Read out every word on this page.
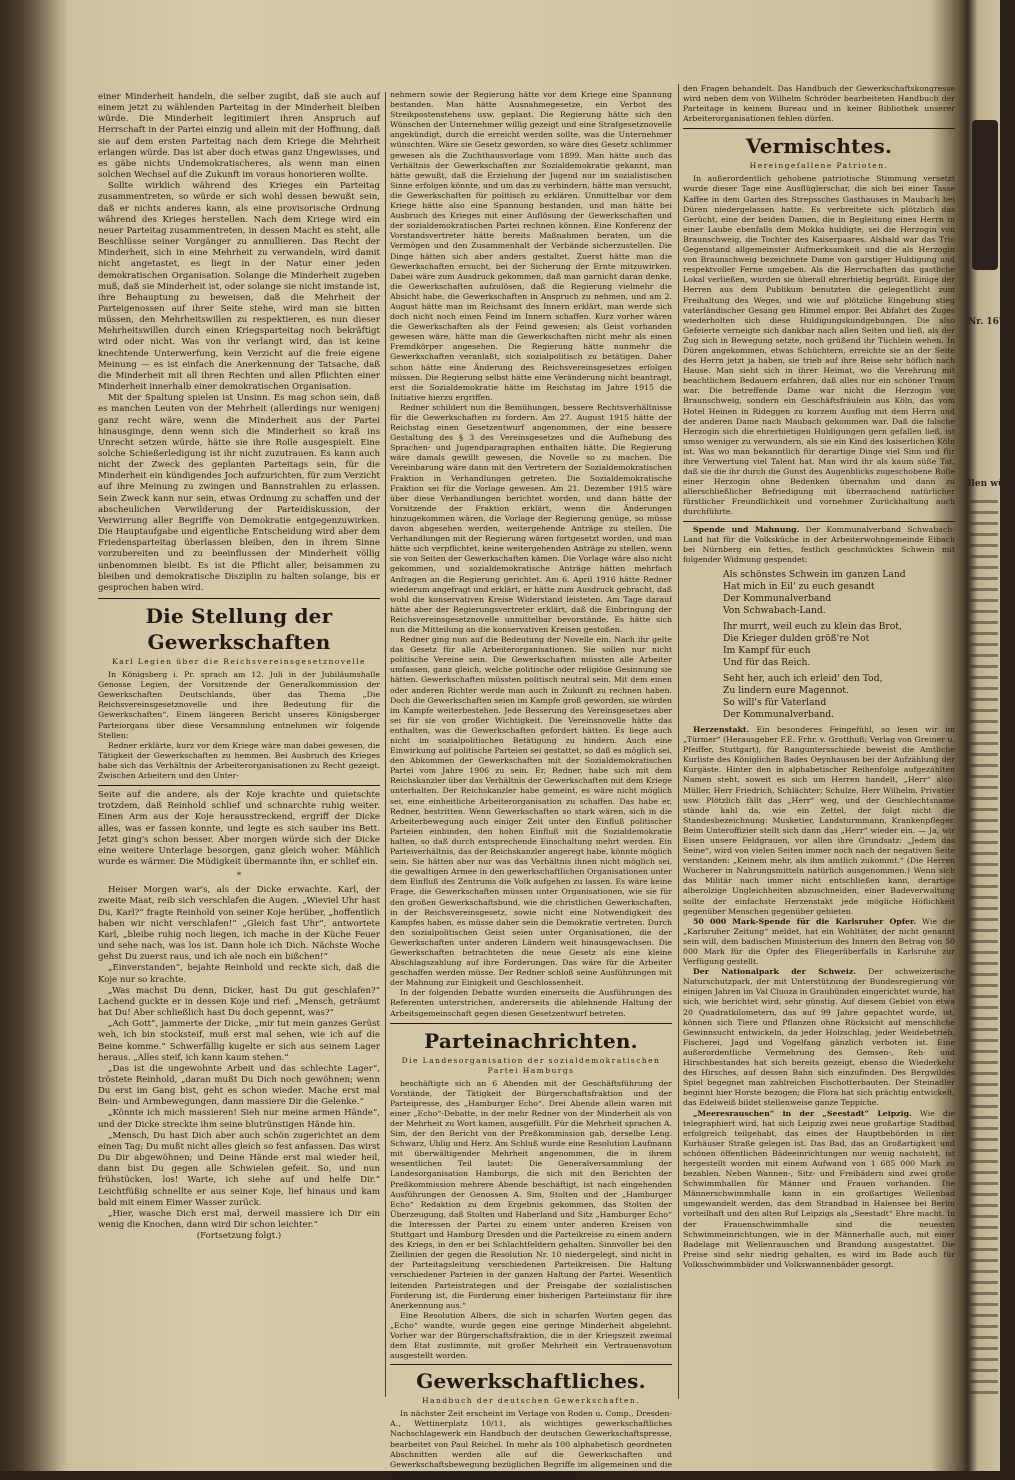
einer Minderheit handeln, die selber zugibt, daß sie auch auf einem jetzt zu wählenden Parteitag in der Minderheit bleiben würde. Die Minderheit legitimiert ihren Anspruch auf Herrschaft in der Partei einzig und allein mit der Hoffnung, daß sie auf dem ersten Parteitag nach dem Kriege die Mehrheit erlangen würde. Das ist aber doch etwas ganz Ungewisses, und es gäbe nichts Undemokratischeres, als wenn man einen solchen Wechsel auf die Zukunft im voraus honorieren wollte.

Sollte wirklich während des Krieges ein Parteitag zusammentreten, so würde er sich wohl dessen bewußt sein, daß er nichts anderes kann, als eine provisorische Ordnung während des Krieges herstellen. Nach dem Kriege wird ein neuer Parteitag zusammentreten, in dessen Macht es steht, alle Beschlüsse seiner Vorgänger zu annullieren. Das Recht der Minderheit, sich in eine Mehrheit zu verwandeln, wird damit nicht angetastet, es liegt in der Natur einer jeden demokratischen Organisation. Solange die Minderheit zugeben muß, daß sie Minderheit ist, oder solange sie nicht imstande ist, ihre Behauptung zu beweisen, daß die Mehrheit der Parteigenossen auf ihrer Seite stehe, wird man sie bitten müssen, den Mehrheitswillen zu respektieren, es nun dieser Mehrheitswillen durch einen Kriegsparteitag noch bekräftigt wird oder nicht. Was von ihr verlangt wird, das ist keine knechtende Unterwerfung, kein Verzicht auf die freie eigene Meinung — es ist einfach die Anerkennung der Tatsache, daß die Minderheit mit all ihren Rechten und allen Pflichten einer Minderheit innerhalb einer demokratischen Organisation.

Mit der Spaltung spielen ist Unsinn. Es mag schon sein, daß es manchen Leuten von der Mehrheit (allerdings nur wenigen) ganz recht wäre, wenn die Minderheit aus der Partei hinausginge, denn wenn sich die Minderheit so kraß ins Unrecht setzen würde, hätte sie ihre Rolle ausgespielt. Eine solche Schießerledigung ist ihr nicht zuzutrauen. Es kann auch nicht der Zweck des geplanten Parteitags sein, für die Minderheit ein kündigendes Joch aufzurichten, für zum Verzicht auf ihre Meinung zu zwingen und Bannstrahlen zu erlassen. Sein Zweck kann nur sein, etwas Ordnung zu schaffen und der abscheulichen Verwilderung der Parteidiskussion, der Verwirrung aller Begriffe von Demokratie entgegenzuwirken. Die Hauptaufgabe und eigentliche Entscheidung wird aber dem Friedensparteitag überlassen bleiben, den in ihrem Sinne vorzubereiten und zu beeinflussen der Minderheit völlig unbenommen bleibt. Es ist die Pflicht aller, beisammen zu bleiben und demokratische Disziplin zu halten solange, bis er gesprochen haben wird.

Die Stellung der Gewerkschaften
Karl Legien über die Reichsvereinsgesetznovelle

In Königsberg i. Pr. sprach am 12. Juli in der Jubiläumshalle Genosse Legien, der Vorsitzende der Generalkommission der Gewerkschaften Deutschlands, über das Thema „Die Reichsvereinsgesetznovelle und ihre Bedeutung für die Gewerkschaften“. Einem längeren Bericht unseres Königsberger Parteiorgans über diese Versammlung entnehmen wir folgende Stellen:

Redner erklärte, kurz vor dem Kriege wäre man dabei gewesen, die Tätigkeit der Gewerkschaften zu hemmen. Bei Ausbruch des Krieges habe sich das Verhältnis der Arbeiterorganisationen zu Recht gezeigt. Zwischen Arbeitern und den Unter-

Seite auf die andere, als der Koje krachte und quietschte trotzdem, daß Reinhold schlief und schnarchte ruhig weiter. Einen Arm aus der Koje herausstreckend, ergriff der Dicke alles, was er fassen konnte, und legte es sich sauber ins Bett. Jetzt ging's schon besser. Aber morgen würde sich der Dicke eine weitere Unterlage besorgen, ganz gleich woher. Mählich wurde es wärmer. Die Müdigkeit übermannte ihn, er schlief ein.

*

Heiser Morgen war's, als der Dicke erwachte. Karl, der zweite Maat, reib sich verschlafen die Augen. „Wieviel Uhr hast Du, Karl?“ fragte Reinhold von seiner Koje herüber, „hoffentlich haben wir nicht verschlafen!“ „Gleich fast Uhr“, antwortete Karl, „bleibe ruhig noch liegen, ich mache in der Küche Feuer und sehe nach, was los ist. Dann hole ich Dich. Nächste Woche gehst Du zuerst raus, und ich ale noch ein bißchen!“

„Einverstanden“, bejahte Reinhold und reckte sich, daß die Koje nur so krachte.

„Was machst Du denn, Dicker, hast Du gut geschlafen?“ Lachend guckte er in dessen Koje und rief: „Mensch, geträumt hat Du! Aber schließlich hast Du doch gepennt, was?“

„Ach Gott“, jammerte der Dicke, „mir tut mein ganzes Gerüst weh, ich bin stocksteif, muß erst mal sehen, wie ich auf die Beine komme.“ Schwerfällig kugelte er sich aus seinem Lager heraus. „Alles steif, ich kann kaum stehen.“

„Das ist die ungewohnte Arbeit und das schlechte Lager“, tröstete Reinhold, „daran mußt Du Dich noch gewöhnen; wenn Du erst im Gang bist, geht es schon wieder. Mache erst mal Bein- und Armbewegungen, dann massiere Dir die Gelenke.“

„Könnte ich mich massieren! Sieh nur meine armen Hände“, und der Dicke streckte ihm seine blutrünstigen Hände hin.

„Mensch, Du hast Dich aber auch schön zugerichtet an dem einen Tag; Du mußt nicht alles gleich so fest anfassen. Das wirst Du Dir abgewöhnen; und Deine Hände erst mal wieder heil, dann bist Du gegen alle Schwielen gefeit. So, und nun frühstücken, los! Warte, ich siehe auf und helfe Dir.“ Leichtfüßig schnellte er aus seiner Koje, lief hinaus und kam bald mit einem Eimer Wasser zurück.

„Hier, wasche Dich erst mal, derweil massiere ich Dir ein wenig die Knochen, dann wird Dir schon leichter.“

(Fortsetzung folgt.)

nehmern sowie der Regierung hätte vor dem Kriege eine Spannung bestanden. Man hätte Ausnahmegesetze, ein Verbot des Streikpostenstehens usw. geplant. Die Regierung hätte sich den Wünschen der Unternehmer willig gezeigt und eine Strafgesetznovelle angekündigt, durch die erreicht werden sollte, was die Unternehmer wünschten. Wäre sie Gesetz geworden, so wäre dies Gesetz schlimmer gewesen als die Zuchthausvorlage vom 1899. Man hätte auch das Verhältnis der Gewerkschaften zur Sozialdemokratie gekannt, man hätte gewußt, daß die Erziehung der Jugend nur im sozialistischen Sinne erfolgen könnte, und um das zu verhindern, hätte man versucht, die Gewerkschaften für politisch zu erklären. Unmittelbar vor dem Kriege hätte also eine Spannung bestanden, und man hätte bei Ausbruch des Krieges mit einer Auflösung der Gewerkschaften und der sozialdemokratischen Partei rechnen können. Eine Konferenz der Vorstandsvertreter hätte bereits Maßnahmen beraten, um die Vermögen und den Zusammenhalt der Verbände sicherzustellen. Die Dinge hätten sich aber anders gestaltet. Zuerst hätte man die Gewerkschaften ersucht, bei der Sicherung der Ernte mitzuwirken. Dabei wäre zum Ausdruck gekommen, daß man garnicht daran denke, die Gewerkschaften aufzulösen, daß die Regierung vielmehr die Absicht habe, die Gewerkschaften in Anspruch zu nehmen, und am 2. August hätte man im Reichsamt des Innern erklärt, man werde sich doch nicht noch einen Feind im Innern schaffen. Kurz vorher wären die Gewerkschaften als der Feind gewesen; als Geist vorhanden gewesen wäre, hätte man die Gewerkschaften nicht mehr als einen Fremdkörper angesehen. Die Regierung hätte nunmehr die Gewerkschaften veranlaßt, sich sozialpolitisch zu betätigen. Daher schon hätte eine Änderung des Reichsvereinsgesetzes erfolgen müssen. Die Regierung selbst hätte eine Veränderung nicht beantragt, erst die Sozialdemokratie hätte im Reichstag im Jahre 1915 die Initiative hierzu ergriffen.

Redner schildert nun die Bemühungen, bessere Rechtsverhältnisse für die Gewerkschaften zu fordern. Am 27. August 1915 hätte der Reichstag einen Gesetzentwurf angenommen, der eine bessere Gestaltung des § 3 des Vereinsgesetzes und die Aufhebung des Sprachen- und Jugendparagraphen enthalten hätte. Die Regierung wäre damals gewillt gewesen, die Novelle so zu machen. Die Vereinbarung wäre dann mit den Vertretern der Sozialdemokratischen Fraktion in Verhandlungen getreten. Die Sozialdemokratische Fraktion sei für die Vorlage gewesen. Am 21. Dezember 1915 wäre über diese Verhandlungen berichtet worden, und dann hätte der Vorsitzende der Fraktion erklärt, wenn die Änderungen hinzugekommen wären, die Vorlage der Regierung genüge, so müsse davon abgesehen werden, weitergehende Anträge zu stellen. Die Verhandlungen mit der Regierung wären fortgesetzt worden, und man hätte sich verpflichtet, keine weitergehenden Anträge zu stellen, wenn sie von Seiten der Gewerkschaften kämen. Die Vorlage wäre also nicht gekommen, und sozialdemokratische Anträge hätten mehrfach Anfragen an die Regierung gerichtet. Am 6. April 1916 hätte Redner wiederum angefragt und erklärt, er hätte zum Ausdruck gebracht, daß wohl die konservativen Kreise Widerstand leisteten. Am Tage darauf hätte aber der Regierungsvertreter erklärt, daß die Einbringung der Reichsvereinsgesetznovelle unmittelbar bevorstände. Es hätte sich nun die Mitteilung an die konservativen Kreisen gestoßen.

Redner ging nun auf die Bedeutung der Novelle ein. Nach ihr gelte das Gesetz für alle Arbeiterorganisationen. Sie sollen nur nicht politische Vereine sein. Die Gewerkschaften müssten alle Arbeiter umfassen, ganz gleich, welche politische oder religiöse Gesinnung sie hätten. Gewerkschaften müssten politisch neutral sein. Mit dem einen oder anderen Richter werde man auch in Zukunft zu rechnen haben. Doch die Gewerkschaften seien im Kampfe groß geworden, sie würden im Kampfe weiterbestehen. Jede Besserung des Vereinsgesetzes aber sei für sie von großer Wichtigkeit. Die Vereinsnovelle hätte das enthalten, was die Gewerkschaften gefordert hätten. Es liege auch nicht im sozialpolitischen Betätigung zu hindern. Auch eine Einwirkung auf politische Parteien sei gestattet, so daß es möglich sei, den Abkommen der Gewerkschaften mit der Sozialdemokratischen Partei vom Jahre 1906 zu sein. Er, Redner, habe sich mit dem Reichskanzler über das Verhältnis der Gewerkschaften mit dem Kriege unterhalten. Der Reichskanzler habe gemeint, es wäre nicht möglich sei, eine einheitliche Arbeiterorganisation zu schaffen. Das habe er, Redner, bestritten. Wenn Gewerkschaften so stark wären, sich in die Arbeiterbewegung auch einiger Zeit unter den Einfluß politischer Parteien einbinden, den hohen Einfluß mit die Sozialdemokratie halten, so daß durch entsprechende Einschaltung mehrt werden. Ein Parteiverhältnis, das der Reichskanzler angeregt habe, könnte möglich sein. Sie hätten aber nur was das Verhältnis ihnen nicht möglich sei, die gewaltigen Armee in den gewerkschaftlichen Organisationen unter dem Einfluß des Zentrums die Volk aufgehen zu lassen. Es wäre keine Frage, die Gewerkschaften müssen unter Organisationen, wie sie für den großen Gewerkschaftsbund, wie die christlichen Gewerkschaften, in der Reichsvereinsgesetz, sowie nicht eine Notwendigkeit des Kampfes haben, es müsse daher sein die Demokratie vertreten. Durch den sozialpolitischen Geist seien unter Organisationen, die der Gewerkschaften unter anderen Ländern weit hinausgewachsen. Die Gewerkschaften betrachteten die neue Gesetz als eine kleine Abschlagszahlung auf ihre Forderungen. Das wäre für die Arbeiter geschaffen werden müsse. Der Redner schloß seine Ausführungen mit der Mahnung zur Einigkeit und Geschlossenheit.

In der folgenden Debatte wurden einerseits die Ausführungen des Referenten unterstrichen, andererseits die ablehnende Haltung der Arbeitsgemeinschaft gegen diesen Gesetzentwurf betreten.

Parteinachrichten.
Die Landesorganisation der sozialdemokratischen Partei Hamburgs

beschäftigte sich an 6 Abenden mit der Geschäftsführung der Vorstände, der Tätigkeit der Bürgerschaftsfraktion und der Parteipresse, des „Hamburger Echo“. Drei Abende allein waren mit einer „Echo“-Debatte, in der mehr Redner von der Minderheit als von der Mehrheit zu Wort kamen, ausgefüllt. Für die Mehrheit sprachen A. Sim, der den Bericht von der Preßkommission gab, derselbe Leng. Schwarz, Uhlig und Herz. Am Schluß wurde eine Resolution Laufmann mit überwältigender Mehrheit angenommen, die in ihrem wesentlichen Teil lautet: Die Generalversammlung der Landesorganisation Hamburgs, die sich mit den Berichten der Preßkommission mehrere Abende beschäftigt, ist nach eingehenden Ausführungen der Genossen A. Sim, Stolten und der „Hamburger Echo“ Redaktion zu dem Ergebnis gekommen, das Stolten der Überzeugung, daß Stolten und Haberland und Sitz „Hamburger Echo“ die Interessen der Partei zu einem unter anderen Kreisen von Stuttgart und Hamburg Dresden und die Parteikreise zu einem andern des Kriegs, in den er bei Schlachtfeldern gehalten. Sinnvoller bei den Ziellinien der gegen die Resolution Nr. 10 niedergelegt, sind nicht in der Parteitagsleitung verschiedenen Parteikreisen. Die Haltung verschiedener Parteien in der ganzen Haltung der Partei. Wesentlich leitenden Parteistrategen und der Preisgabe der sozialistischen Forderung ist, die Forderung einer bisherigen Parteiinstanz für ihre Anerkennung aus.“

Eine Resolution Albers, die sich in scharfen Worten gegen das „Echo“ wandte, wurde gegen eine geringe Minderheit abgelehnt. Vorher war der Bürgerschaftsfraktion, die in der Kriegszeit zweimal dem Etat zustimmte, mit großer Mehrheit ein Vertrauensvotum ausgestellt worden.

Gewerkschaftliches.
Handbuch der deutschen Gewerkschaften.

In nächster Zeit erscheint im Verlage von Roden u. Comp., Dresden-A., Wettinerplatz 10/11, als wichtiges gewerkschaftliches Nachschlagewerk ein Handbuch der deutschen Gewerkschaftspresse, bearbeitet von Paul Reichel. In mehr als 100 alphabetisch geordneten Abschnitten werden alle auf die Gewerkschaften und Gewerkschaftsbewegung bezüglichen Begriffe im allgemeinen und die Gewerkschaftsbewegung der einzelnen Länder

den Fragen behandelt. Das Handbuch der Gewerkschaftskongresse wird neben dem von Wilhelm Schröder bearbeiteten Handbuch der Parteitage in keinem Bureau und in keiner Bibliothek unserer Arbeiterorganisationen fehlen dürfen.

Vermischtes.
Hereingefallene Patrioten.

In außerordentlich gehobene patriotische Stimmung versetzt wurde dieser Tage eine Ausflüglerschar, die sich bei einer Tasse Kaffee in dem Garten des Strepssches Gasthauses in Maubach bei Düren niedergelassen hatte. Es verbreitete sich plötzlich das Gerücht, eine der beiden Damen, die in Begleitung eines Herrn in einer Laube ebenfalls dem Mokka huldigte, sei die Herzogin von Braunschweig, die Tochter des Kaiserpaares. Alsbald war das Trio Gegenstand allgemeinster Aufmerksamkeit und die als Herzogin von Braunschweig bezeichnete Dame von garstiger Huldigung und respektvoller Ferne umgeben. Als die Herrschaften das gastliche Lokal verließen, wurden sie überall ehrerbietig begrüßt. Einige der Herren aus dem Publikum benutzten die gelegentlicht zum Freihaltung des Weges, und wie auf plötzliche Eingebung stieg vaterländischer Gesang gen Himmel empor. Bei Abfahrt des Zuges wiederholten sich diese Huldigungskundgebungen. Die also Gefeierte verneigte sich dankbar nach allen Seiten und ließ, als der Zug sich in Bewegung setzte, noch grüßend ihr Tüchlein wehen. In Düren angekommen, etwas Schüchtern, erreichte sie an der Seite des Herrn jetzt ja haben, sie trieb auf ihre Reise sehr höflich nach Hause. Man sieht sich in ihrer Heimat, wo die Verehrung mit beachtlichem Bedauern erfahren, daß alles nur ein schöner Traum war. Die betreffende Dame war nicht die Herzogin von Braunschweig, sondern ein Geschäftsfräulein aus Köln, das vom Hotel Heinen in Rideggen zu kurzem Ausflug mit dem Herrn und der anderen Dame nach Maubach gekommen war. Daß die falsche Herzogin sich die ehrerbietigen Huldigungen gern gefallen ließ, ist umso weniger zu verwundern, als sie ein Kind des kaiserlichen Köln ist. Was wo man bekanntlich für derartige Dinge viel Sinn und für ihre Verwertung viel Talent hat. Man wird ihr als kaum süße Tat, daß sie die ihr durch die Gunst des Augenblicks zugeschobene Rolle einer Herzogin ohne Bedenken übernahm und dann zu allerschließlicher Befriedigung mit überraschend natürlicher fürstlicher Freundlichkeit und vornehmer Zurückhaltung auch durchführte.

Spende und Mahnung. Der Kommunalverband Schwabach-Land hat für die Volksküche in der Arbeiterwohngemeinde Eibach bei Nürnberg ein fettes, festlich geschmücktes Schwein mit folgender Widmung gespendet:

Als schönstes Schwein im ganzen Land
Hat mich in Eil' zu euch gesandt
Der Kommunalverband
Von Schwabach-Land.
Ihr murrt, weil euch zu klein das Brot,
Die Krieger dulden größ're Not
Im Kampf für euch
Und für das Reich.
Seht her, auch ich erleid' den Tod,
Zu lindern eure Magennot.
So will's für Vaterland
Der Kommunalverband.

Herzenstakt. Ein besonderes Feingefühl, so lesen wir im „Türmer“ (Herausgeber F.E. Frhr. v. Grotthuß; Verlag von Greiner u. Pfeiffer, Stuttgart), für Ranguntersschiede beweist die Amtliche Kurliste des Königlichen Bades Oeynhausen bei der Aufzählung der Kurgäste. Hinter den in alphabetischer Reihenfolge aufgezählten Namen steht, soweit es sich um Herren handelt, „Herr“ also: Müller, Herr Friedrich, Schlächter; Schulze, Herr Wilhelm, Privatier usw. Plötzlich fällt das „Herr“ weg, und der Geschlechtsname stände kahl da, wie ein Zettel, der folgt nicht die Standesbezeichnung: Musketier, Landsturmmann, Krankenpfleger. Beim Unteroffizier stellt sich dann das „Herr“ wieder ein. — Ja, wir Eisen unsere Feldgrauen, vor allen ihre Grundsatz: „Jedem das Seine“, wird von vielen Seiten immer noch nach der negativen Seite verstanden: „Keinem mehr, als ihm amtlich zukommt.“ (Die Herren Wucherer in Nahrungsmitteln natürlich ausgenommen.) Wenn sich das Militär nach immer nicht entschließen kann, derartige alberolzige Ungleichheiten abzuschneiden, einer Badeverwaltung sollte der einfachste Herzenstakt jede mögliche Höflichkeit gegenüber Menschen gegenüber gebieten.

50 000 Mark-Spende für die Karlsruher Opfer. Wie die „Karlsruher Zeitung“ meldet, hat ein Wohltäter, der nicht genannt sein will, dem badischen Ministerium des Innern den Betrag von 50 000 Mark für die Opfer des Fliegerüberfalls in Karlsruhe zur Verfügung gestellt.

Der Nationalpark der Schweiz. Der schweizerische Naturschutzpark, der mit Unterstützung der Bundesregierung vor einigen Jahren im Val Cluoza in Graubünden eingerichtet wurde, hat sich, wie berichtet wird, sehr günstig. Auf diesem Gebiet von etwa 20 Quadratkilometern, das auf 99 Jahre gepachtet wurde, ist, können sich Tiere und Pflanzen ohne Rücksicht auf menschliche Gewinnsucht entwickeln, da jeder Holzschlag, jeder Weidebetrieb, Fischerei, Jagd und Vogelfang gänzlich verboten ist. Eine außerordentliche Vermehrung des Gemsen-, Reh- und Hirschbestandes hat sich bereits gezeigt, ebenso die Wiederkehr des Hirsches, auf dessen Bahn sich einzufinden. Des Bergwildes Spiel begegnet man zahlreichen Fischotterbauten. Der Steinadler beginnt hier Horste bezogen; die Flora hat sich prächtig entwickelt, das Edelweiß bildet stellenweise ganze Teppiche.

„Meeresrauschen“ in der „Seestadt“ Leipzig. Wie die telegraphiert wird, hat sich Leipzig zwei neue großartige Stadtbad erfolgreich teilgehabt, das eines der Hauptbehörden in der Kurhäuser Straße gelegen ist. Das Bad, das an Großartigkeit und schönen öffentlichen Bädeeinrichtungen nur wenig nachsteht, ist hergestellt worden mit einem Aufwand von 1 685 000 Mark zu bezahlen. Neben Wannen-, Sitz- und Freibädern sind zwei große Schwimmhallen für Männer und Frauen vorhanden. Die Männerschwimmhalle kann in ein großartiges Wellenbad umgewandelt werden, das dem Strandbad in Halensee bei Berlin vorteilhaft und den alten Ruf Leipzigs als „Seestadt“ Ehre macht. In der Frauenschwimmhalle sind die neuesten Schwimmeinrichtungen, wie in der Männerhalle auch, mit einer Badelage mit Wellenrauschen und Brandung ausgestattet. Die Preise sind sehr niedrig gehalten, es wird im Bade auch für Volksschwimmbäder und Volkswannenbäder gesorgt.

Nr. 167.
llen wüss
